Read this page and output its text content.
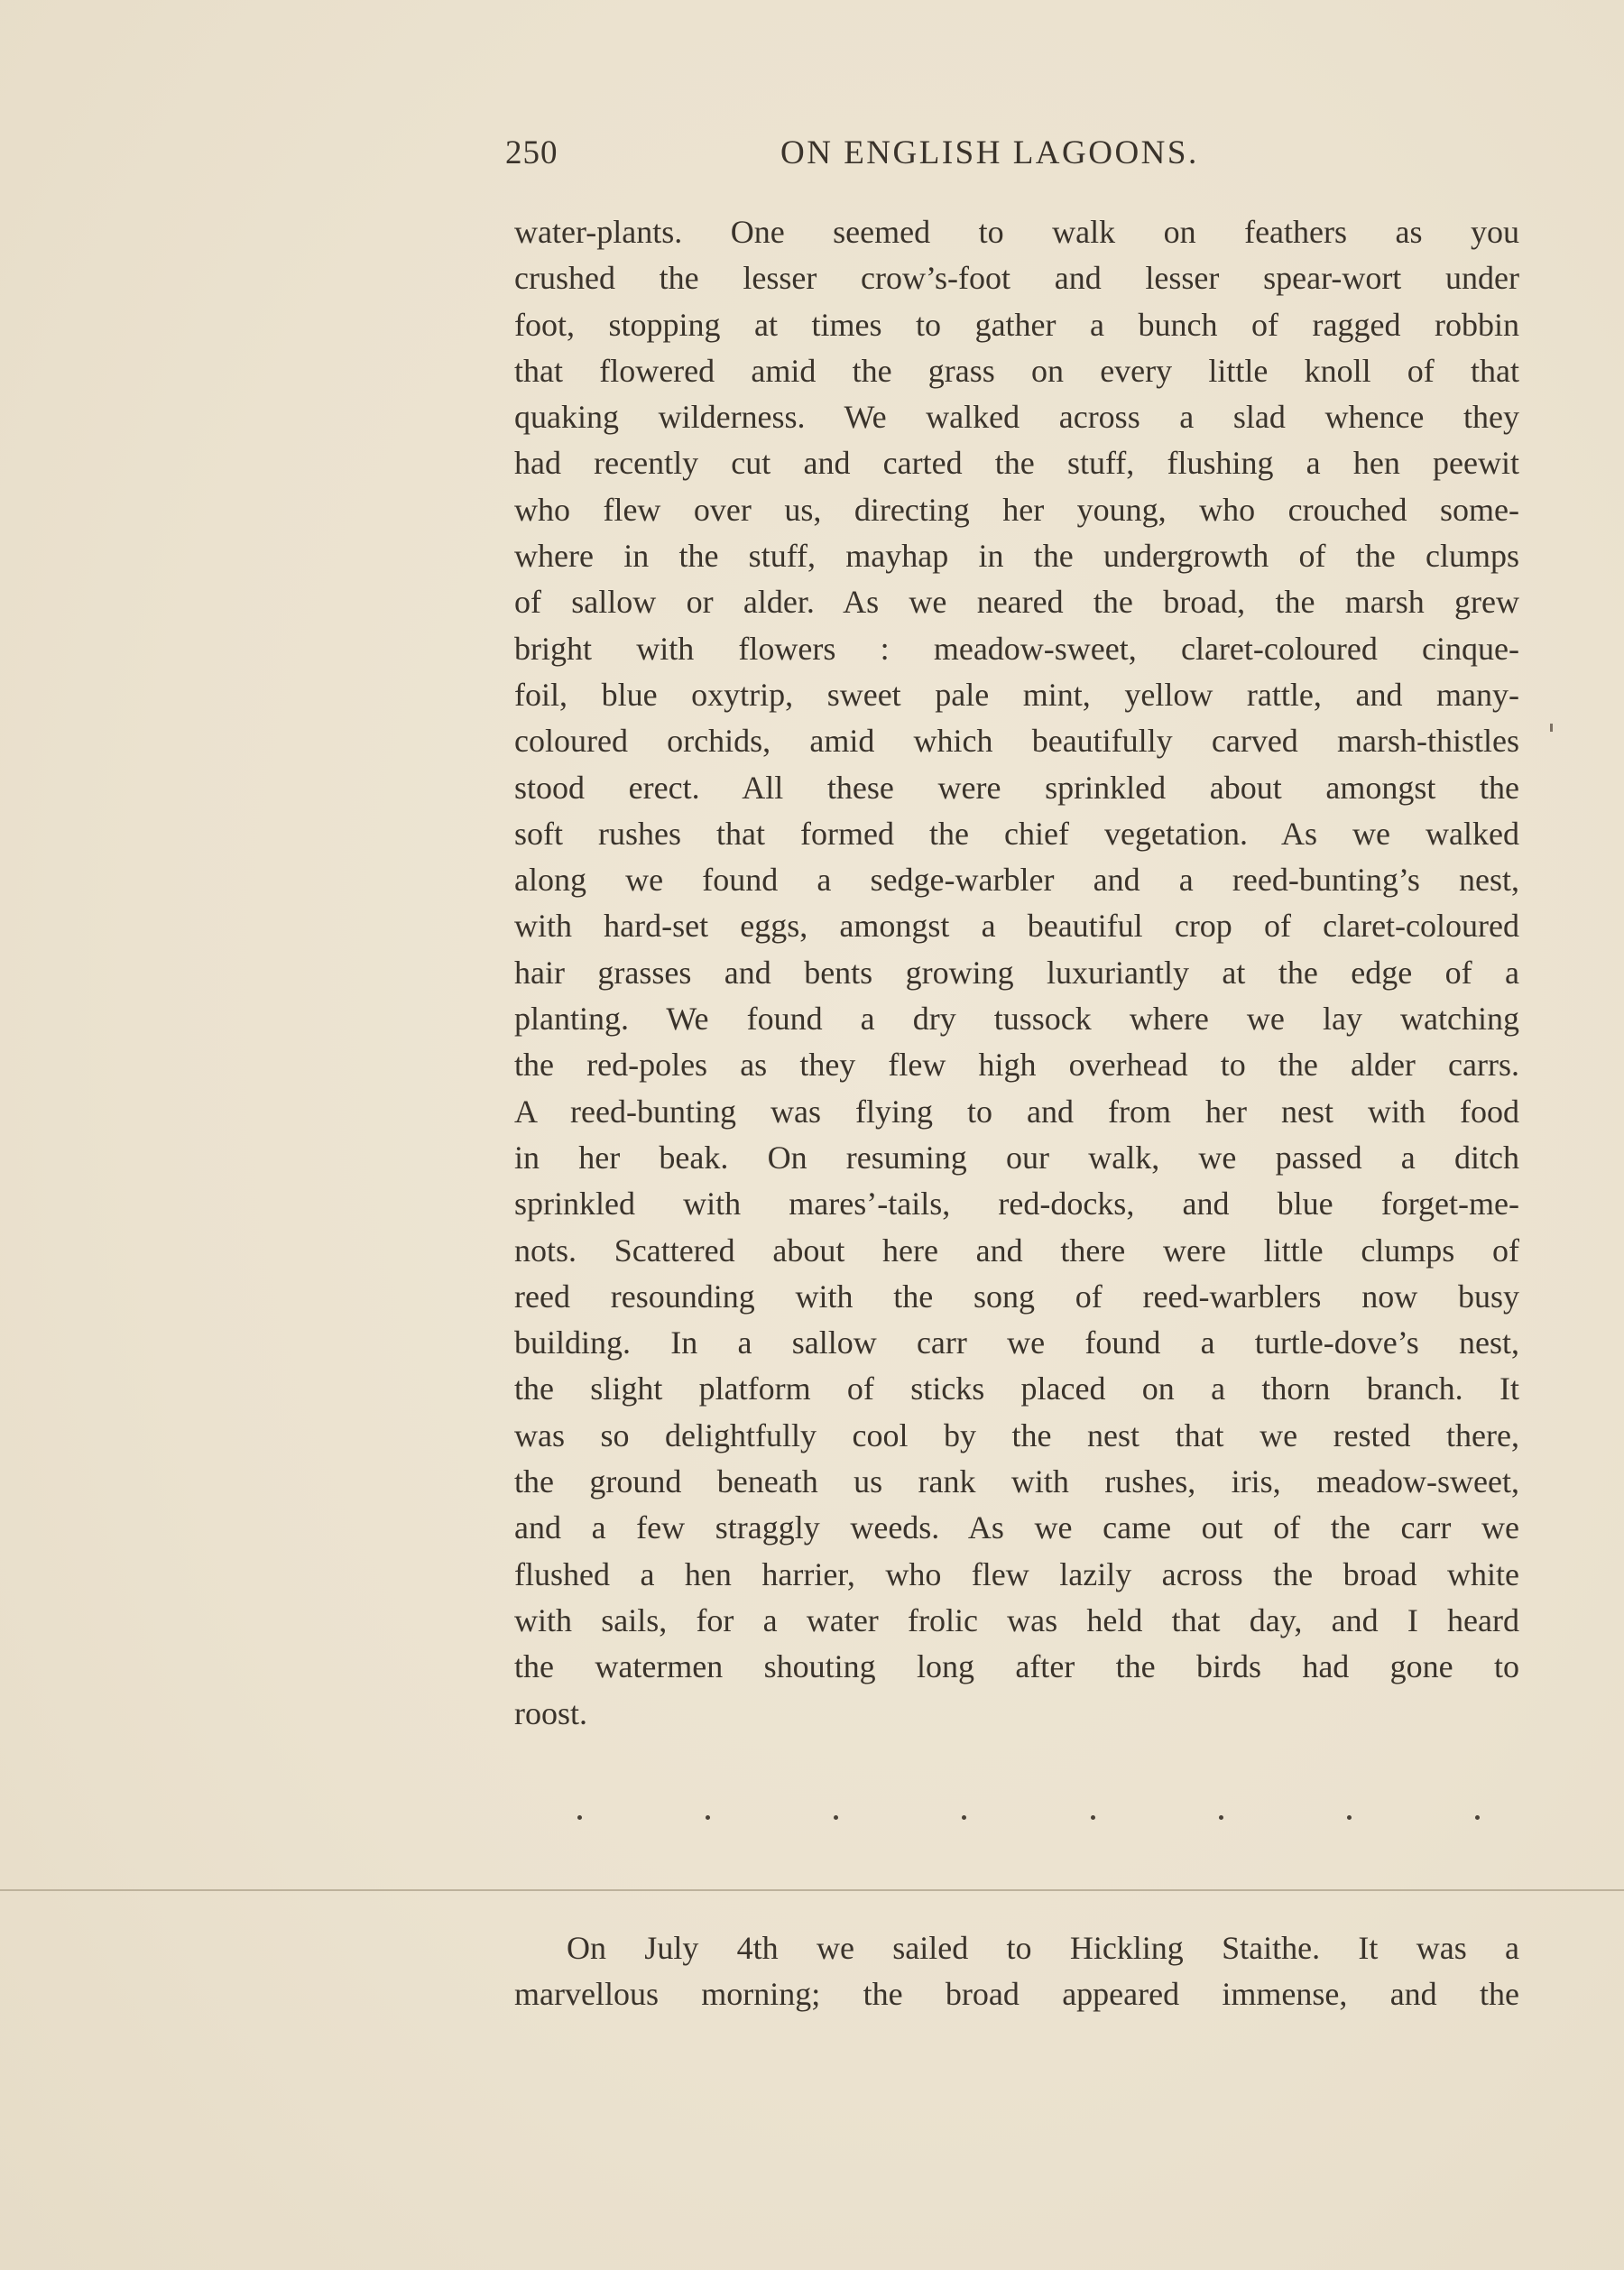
250	ON ENGLISH LAGOONS.
water-plants. One seemed to walk on feathers as you
crushed the lesser crow’s-foot and lesser spear-wort under
foot, stopping at times to gather a bunch of ragged robbin
that flowered amid the grass on every little knoll of that
quaking wilderness. We walked across a slad whence they
had recently cut and carted the stuff, flushing a hen peewit
who flew over us, directing her young, who crouched some-
where in the stuff, mayhap in the undergrowth of the clumps
of sallow or alder. As we neared the broad, the marsh grew
bright with flowers : meadow-sweet, claret-coloured cinque-
foil, blue oxytrip, sweet pale mint, yellow rattle, and many-
coloured orchids, amid which beautifully carved marsh-thistles
stood erect. All these were sprinkled about amongst the
soft rushes that formed the chief vegetation. As we walked
along we found a sedge-warbler and a reed-bunting’s nest,
with hard-set eggs, amongst a beautiful crop of claret-coloured
hair grasses and bents growing luxuriantly at the edge of a
planting. We found a dry tussock where we lay watching
the red-poles as they flew high overhead to the alder carrs.
A reed-bunting was flying to and from her nest with food
in her beak. On resuming our walk, we passed a ditch
sprinkled with mares’-tails, red-docks, and blue forget-me-
nots. Scattered about here and there were little clumps of
reed resounding with the song of reed-warblers now busy
building. In a sallow carr we found a turtle-dove’s nest,
the slight platform of sticks placed on a thorn branch. It
was so delightfully cool by the nest that we rested there,
the ground beneath us rank with rushes, iris, meadow-sweet,
and a few straggly weeds. As we came out of the carr we
flushed a hen harrier, who flew lazily across the broad white
with sails, for a water frolic was held that day, and I heard
the watermen shouting long after the birds had gone to
roost.
On July 4th we sailed to Hickling Staithe. It was a
marvellous morning; the broad appeared immense, and the
